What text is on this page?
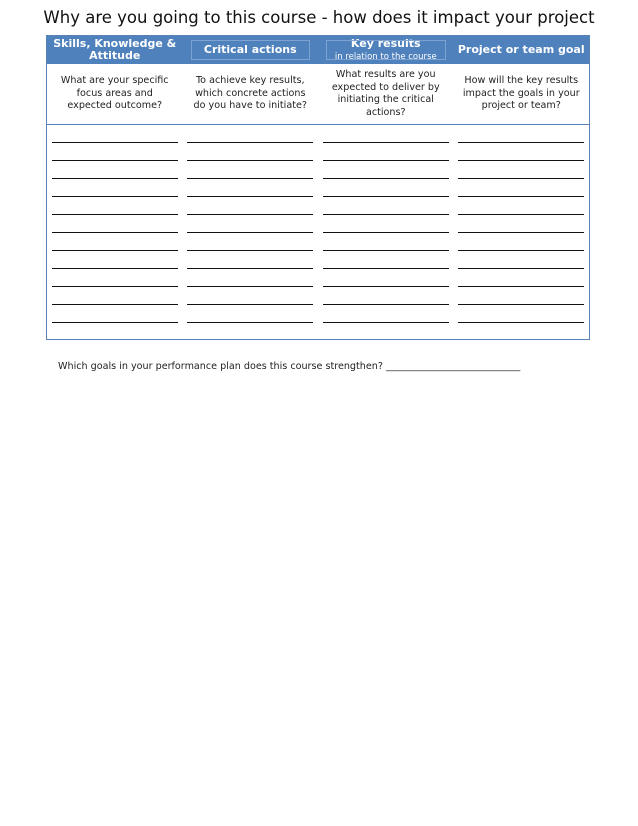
Why are you going to this course - how does it impact your project
Skills, Knowledge & Attitude	Critical actions	Key results
in relation to the course
Project or team goal
What are your specific focus areas and expected outcome?
To achieve key results, which concrete actions do you have to initiate?
What results are you expected to deliver by initiating the critical actions?
How will the key results impact the goals in your project or team?
Which goals in your performance plan does this course strengthen? ____________________________
